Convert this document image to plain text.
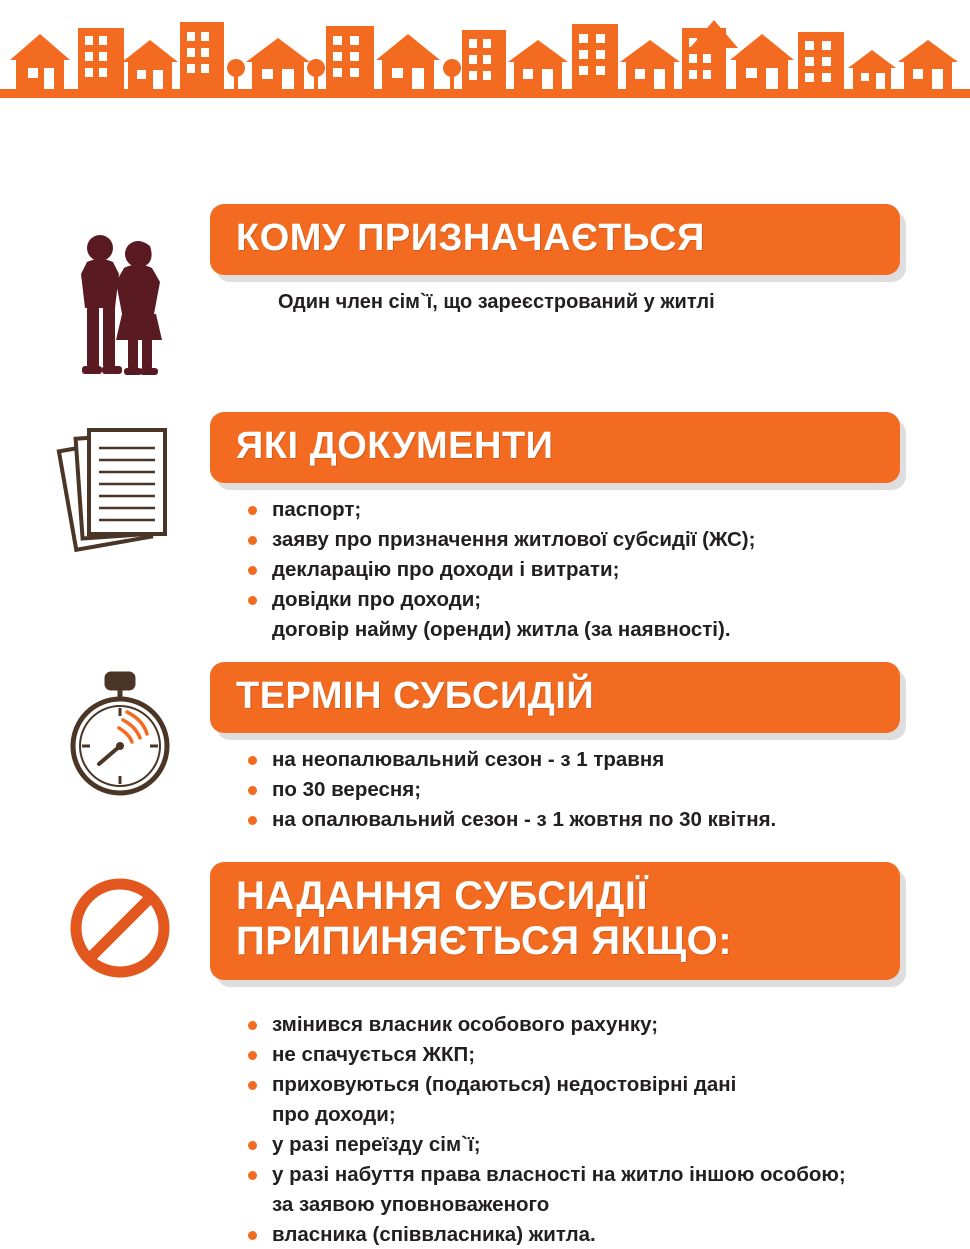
КОМУ ПРИЗНАЧАЄТЬСЯ
Один член сім`ї, що зареєстрований у житлі
ЯКІ ДОКУМЕНТИ
паспорт;
заяву про призначення житлової субсидії (ЖС);
декларацію про доходи і витрати;
довідки про доходи;
договір найму (оренди) житла (за наявності).
ТЕРМІН СУБСИДІЙ
на неопалювальний сезон - з 1 травня
по 30 вересня;
на опалювальний сезон - з 1 жовтня по 30 квітня.
НАДАННЯ СУБСИДІЇ
ПРИПИНЯЄТЬСЯ ЯКЩО:
змінився власник особового рахунку;
не спачується ЖКП;
приховуються (подаються) недостовірні дані
про доходи;
у разі переїзду сім`ї;
у разі набуття права власності на житло іншою особою;
за заявою уповноваженого
власника (співвласника) житла.
